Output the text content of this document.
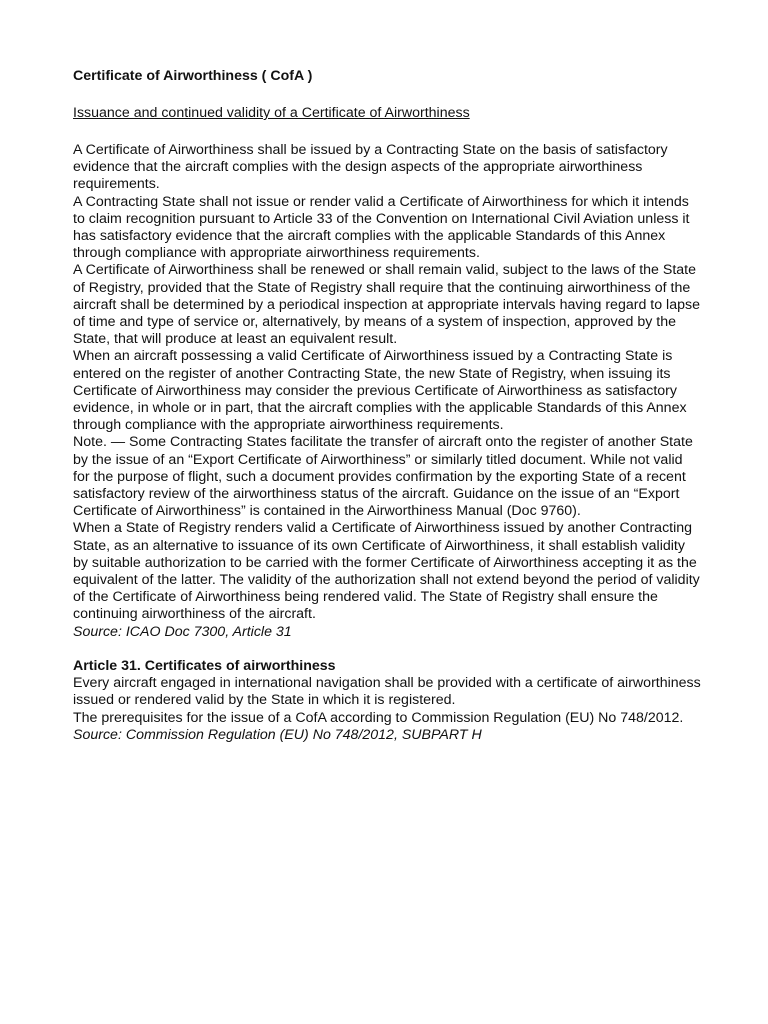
Certificate of Airworthiness ( CofA )

Issuance and continued validity of a Certificate of Airworthiness

A Certificate of Airworthiness shall be issued by a Contracting State on the basis of satisfactory evidence that the aircraft complies with the design aspects of the appropriate airworthiness requirements.

A Contracting State shall not issue or render valid a Certificate of Airworthiness for which it intends to claim recognition pursuant to Article 33 of the Convention on International Civil Aviation unless it has satisfactory evidence that the aircraft complies with the applicable Standards of this Annex through compliance with appropriate airworthiness requirements.

A Certificate of Airworthiness shall be renewed or shall remain valid, subject to the laws of the State of Registry, provided that the State of Registry shall require that the continuing airworthiness of the aircraft shall be determined by a periodical inspection at appropriate intervals having regard to lapse of time and type of service or, alternatively, by means of a system of inspection, approved by the State, that will produce at least an equivalent result.

When an aircraft possessing a valid Certificate of Airworthiness issued by a Contracting State is entered on the register of another Contracting State, the new State of Registry, when issuing its Certificate of Airworthiness may consider the previous Certificate of Airworthiness as satisfactory evidence, in whole or in part, that the aircraft complies with the applicable Standards of this Annex through compliance with the appropriate airworthiness requirements.

Note. — Some Contracting States facilitate the transfer of aircraft onto the register of another State by the issue of an “Export Certificate of Airworthiness” or similarly titled document. While not valid for the purpose of flight, such a document provides confirmation by the exporting State of a recent satisfactory review of the airworthiness status of the aircraft. Guidance on the issue of an “Export Certificate of Airworthiness” is contained in the Airworthiness Manual (Doc 9760).

When a State of Registry renders valid a Certificate of Airworthiness issued by another Contracting State, as an alternative to issuance of its own Certificate of Airworthiness, it shall establish validity by suitable authorization to be carried with the former Certificate of Airworthiness accepting it as the equivalent of the latter. The validity of the authorization shall not extend beyond the period of validity of the Certificate of Airworthiness being rendered valid. The State of Registry shall ensure the continuing airworthiness of the aircraft.

Source: ICAO Doc 7300, Article 31

Article 31. Certificates of airworthiness

Every aircraft engaged in international navigation shall be provided with a certificate of airworthiness issued or rendered valid by the State in which it is registered.

The prerequisites for the issue of a CofA according to Commission Regulation (EU) No 748/2012.

Source: Commission Regulation (EU) No 748/2012, SUBPART H
